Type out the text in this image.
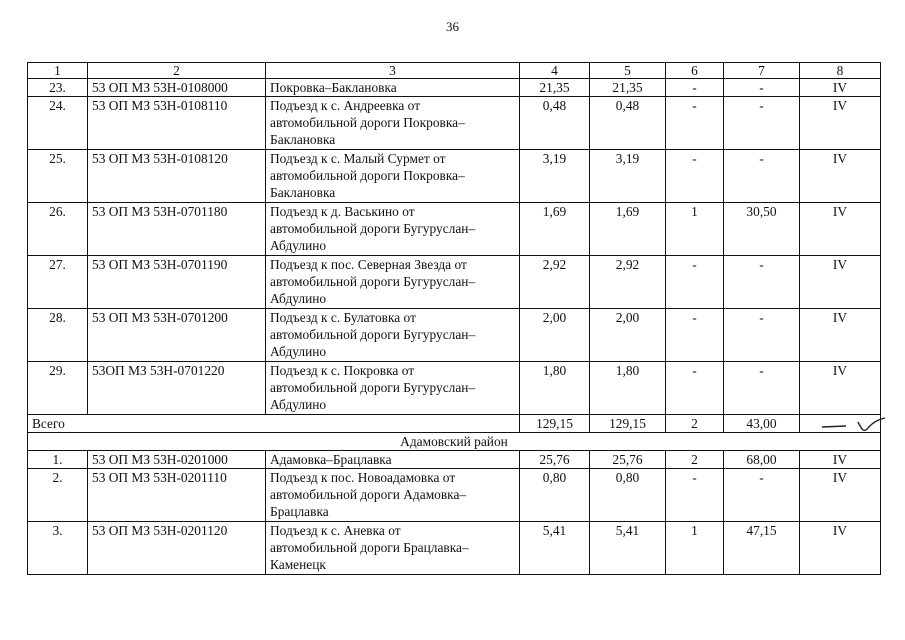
36
1	2	3	4	5	6	7	8
23.	53 ОП МЗ 53Н-0108000	Покровка–Баклановка	21,35	21,35	-	-	IV
24.	53 ОП МЗ 53Н-0108110	Подъезд к с. Андреевка от
автомобильной дороги Покровка–
Баклановка	0,48	0,48	-	-	IV
25.	53 ОП МЗ 53Н-0108120	Подъезд к с. Малый Сурмет от
автомобильной дороги Покровка–
Баклановка	3,19	3,19	-	-	IV
26.	53 ОП МЗ 53Н-0701180	Подъезд к д. Васькино от
автомобильной дороги Бугуруслан–
Абдулино	1,69	1,69	1	30,50	IV
27.	53 ОП МЗ 53Н-0701190	Подъезд к пос. Северная Звезда от
автомобильной дороги Бугуруслан–
Абдулино	2,92	2,92	-	-	IV
28.	53 ОП МЗ 53Н-0701200	Подъезд к с. Булатовка от
автомобильной дороги Бугуруслан–
Абдулино	2,00	2,00	-	-	IV
29.	53ОП МЗ 53Н-0701220	Подъезд к с. Покровка от
автомобильной дороги Бугуруслан–
Абдулино	1,80	1,80	-	-	IV
Всего			129,15	129,15	2	43,00	
Адамовский район							
1.	53 ОП МЗ 53Н-0201000	Адамовка–Брацлавка	25,76	25,76	2	68,00	IV
2.	53 ОП МЗ 53Н-0201110	Подъезд к пос. Новоадамовка от
автомобильной дороги Адамовка–
Брацлавка	0,80	0,80	-	-	IV
3.	53 ОП МЗ 53Н-0201120	Подъезд к с. Аневка от
автомобильной дороги Брацлавка–
Каменецк	5,41	5,41	1	47,15	IV
